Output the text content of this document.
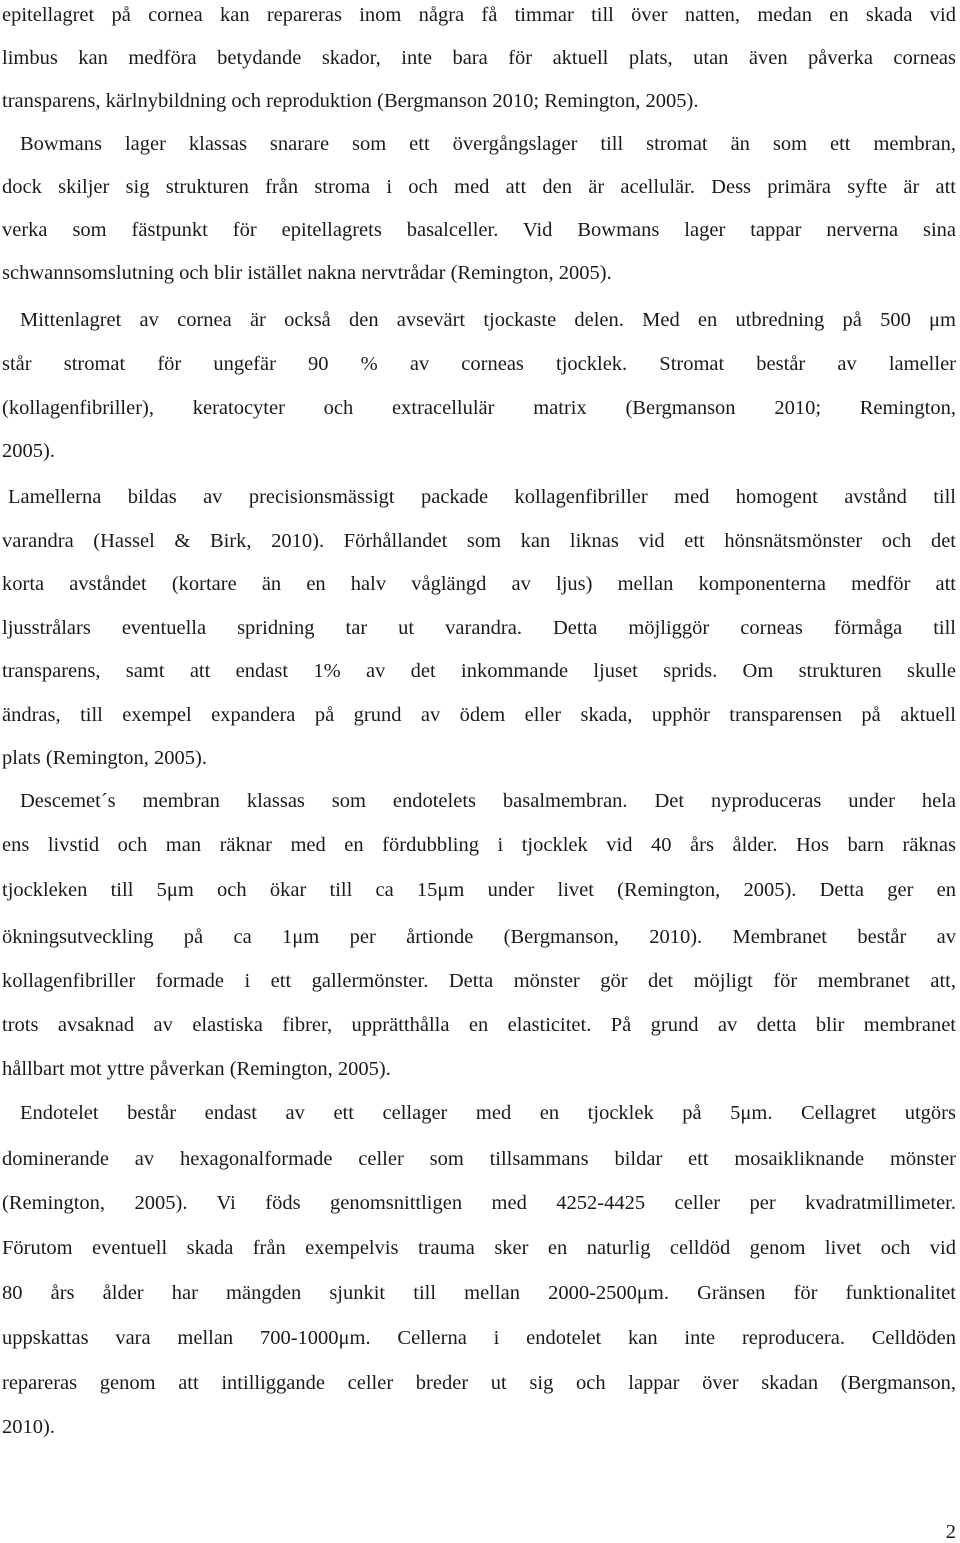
epitellagret på cornea kan repareras inom några få timmar till över natten, medan en skada vid
limbus kan medföra betydande skador, inte bara för aktuell plats, utan även påverka corneas
transparens, kärlnybildning och reproduktion (Bergmanson 2010; Remington, 2005).
Bowmans lager klassas snarare som ett övergångslager till stromat än som ett membran,
dock skiljer sig strukturen från stroma i och med att den är acellulär. Dess primära syfte är att
verka som fästpunkt för epitellagrets basalceller. Vid Bowmans lager tappar nerverna sina
schwannsomslutning och blir istället nakna nervtrådar (Remington, 2005).
Mittenlagret av cornea är också den avsevärt tjockaste delen. Med en utbredning på 500 μm
står stromat för ungefär 90 % av corneas tjocklek. Stromat består av lameller
(kollagenfibriller), keratocyter och extracellulär matrix (Bergmanson 2010; Remington,
2005).
Lamellerna bildas av precisionsmässigt packade kollagenfibriller med homogent avstånd till
varandra (Hassel & Birk, 2010). Förhållandet som kan liknas vid ett hönsnätsmönster och det
korta avståndet (kortare än en halv våglängd av ljus) mellan komponenterna medför att
ljusstrålars eventuella spridning tar ut varandra. Detta möjliggör corneas förmåga till
transparens, samt att endast 1% av det inkommande ljuset sprids. Om strukturen skulle
ändras, till exempel expandera på grund av ödem eller skada, upphör transparensen på aktuell
plats (Remington, 2005).
Descemet´s membran klassas som endotelets basalmembran. Det nyproduceras under hela
ens livstid och man räknar med en fördubbling i tjocklek vid 40 års ålder. Hos barn räknas
tjockleken till 5μm och ökar till ca 15μm under livet (Remington, 2005). Detta ger en
ökningsutveckling på ca 1μm per årtionde (Bergmanson, 2010). Membranet består av
kollagenfibriller formade i ett gallermönster. Detta mönster gör det möjligt för membranet att,
trots avsaknad av elastiska fibrer, upprätthålla en elasticitet. På grund av detta blir membranet
hållbart mot yttre påverkan (Remington, 2005).
Endotelet består endast av ett cellager med en tjocklek på 5μm. Cellagret utgörs
dominerande av hexagonalformade celler som tillsammans bildar ett mosaikliknande mönster
(Remington, 2005). Vi föds genomsnittligen med 4252-4425 celler per kvadratmillimeter.
Förutom eventuell skada från exempelvis trauma sker en naturlig celldöd genom livet och vid
80 års ålder har mängden sjunkit till mellan 2000-2500μm. Gränsen för funktionalitet
uppskattas vara mellan 700-1000μm. Cellerna i endotelet kan inte reproducera. Celldöden
repareras genom att intilliggande celler breder ut sig och lappar över skadan (Bergmanson,
2010).
2
